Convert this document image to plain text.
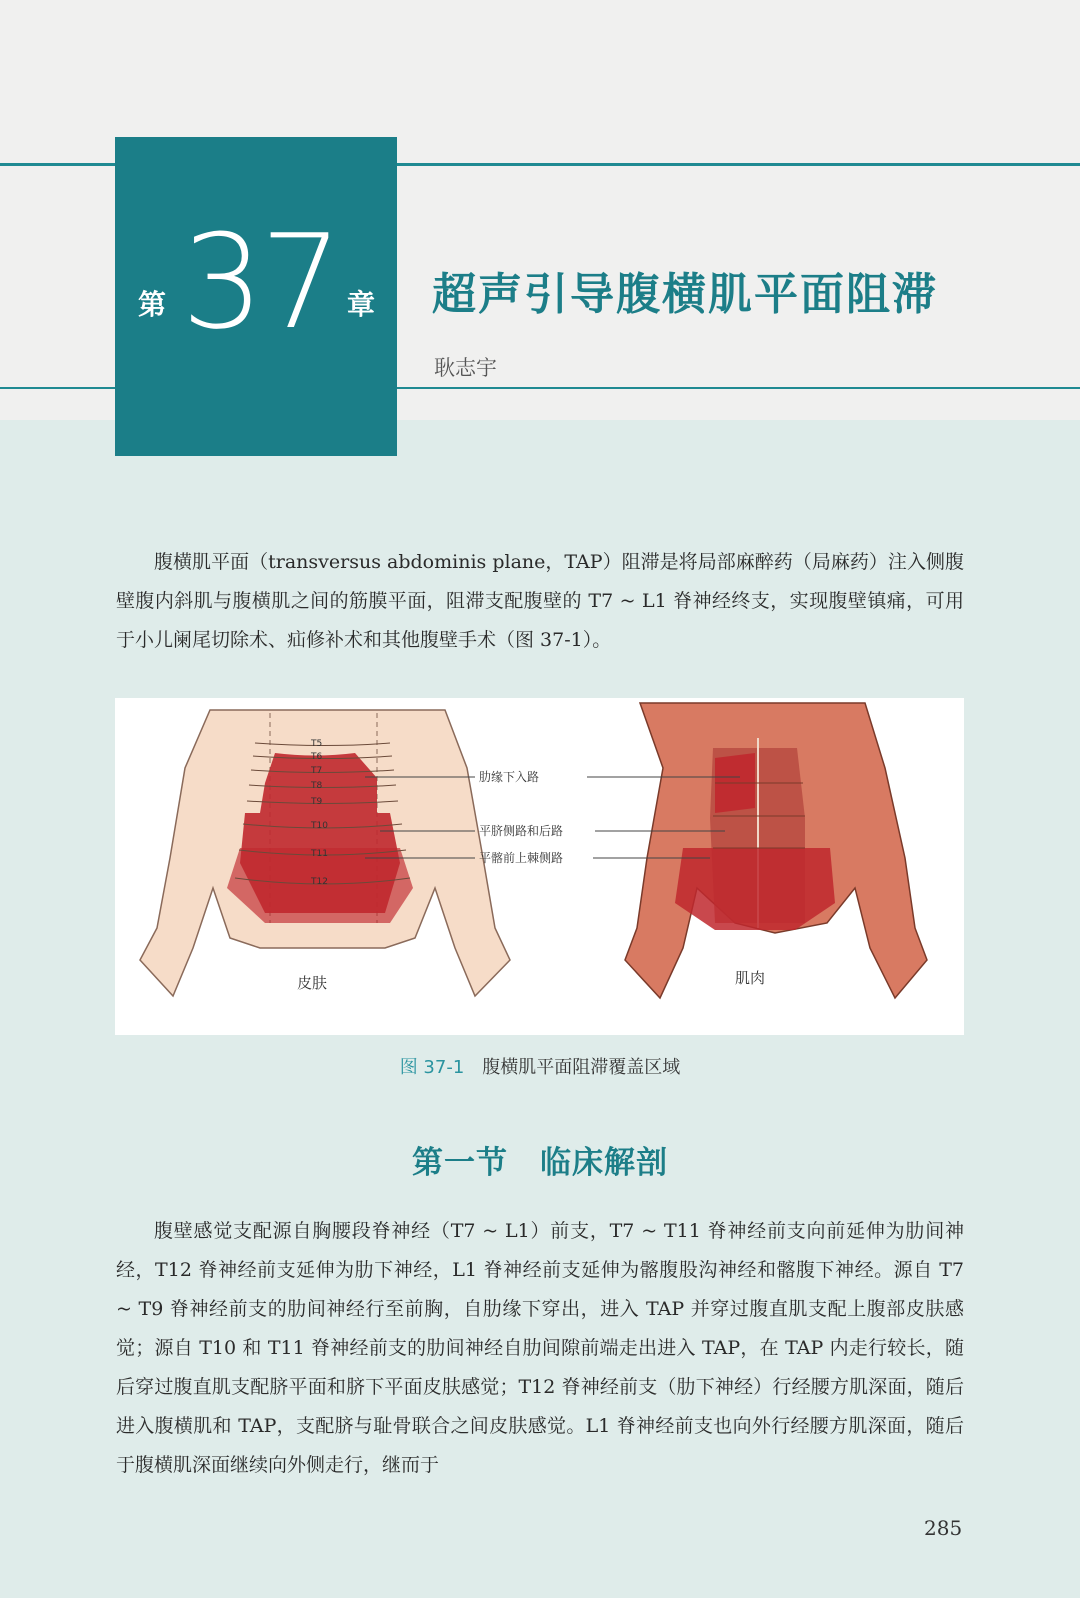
第 37 章 超声引导腹横肌平面阻滞
耿志宇

腹横肌平面（transversus abdominis plane，TAP）阻滞是将局部麻醉药（局麻药）注入侧腹壁腹内斜肌与腹横肌之间的筋膜平面，阻滞支配腹壁的 T7 ~ L1 脊神经终支，实现腹壁镇痛，可用于小儿阑尾切除术、疝修补术和其他腹壁手术（图 37-1）。

T5
T6
T7
T8
T9
T10
T11
T12
肋缘下入路
平脐侧路和后路
平髂前上棘侧路
皮肤	肌肉
图 37-1 腹横肌平面阻滞覆盖区域
第一节　临床解剖

腹壁感觉支配源自胸腰段脊神经（T7 ~ L1）前支，T7 ~ T11 脊神经前支向前延伸为肋间神经，T12 脊神经前支延伸为肋下神经，L1 脊神经前支延伸为髂腹股沟神经和髂腹下神经。源自 T7 ~ T9 脊神经前支的肋间神经行至前胸，自肋缘下穿出，进入 TAP 并穿过腹直肌支配上腹部皮肤感觉；源自 T10 和 T11 脊神经前支的肋间神经自肋间隙前端走出进入 TAP，在 TAP 内走行较长，随后穿过腹直肌支配脐平面和脐下平面皮肤感觉；T12 脊神经前支（肋下神经）行经腰方肌深面，随后进入腹横肌和 TAP，支配脐与耻骨联合之间皮肤感觉。L1 脊神经前支也向外行经腰方肌深面，随后于腹横肌深面继续向外侧走行，继而于

285
